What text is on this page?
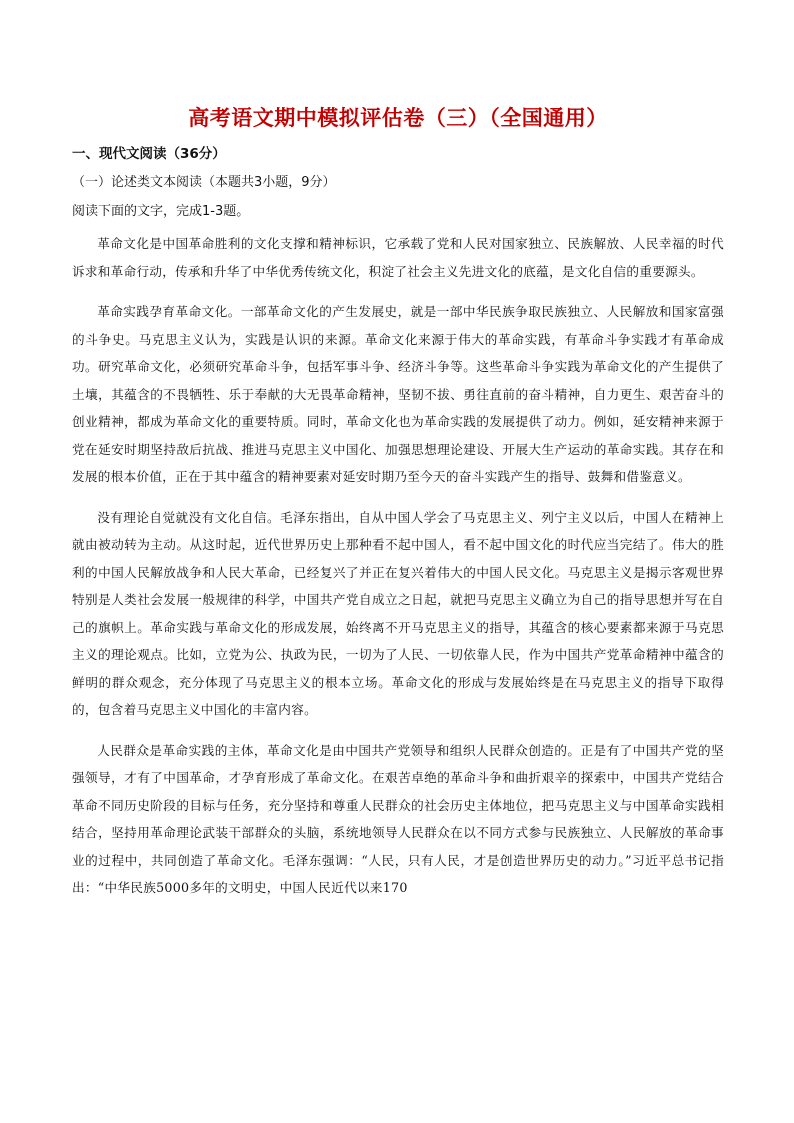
高考语文期中模拟评估卷（三）（全国通用）
一、现代文阅读（36分）
（一）论述类文本阅读（本题共3小题，9分）
阅读下面的文字，完成1-3题。

革命文化是中国革命胜利的文化支撑和精神标识，它承载了党和人民对国家独立、民族解放、人民幸福的时代诉求和革命行动，传承和升华了中华优秀传统文化，积淀了社会主义先进文化的底蕴，是文化自信的重要源头。

革命实践孕育革命文化。一部革命文化的产生发展史，就是一部中华民族争取民族独立、人民解放和国家富强的斗争史。马克思主义认为，实践是认识的来源。革命文化来源于伟大的革命实践，有革命斗争实践才有革命成功。研究革命文化，必须研究革命斗争，包括军事斗争、经济斗争等。这些革命斗争实践为革命文化的产生提供了土壤，其蕴含的不畏牺牲、乐于奉献的大无畏革命精神，坚韧不拔、勇往直前的奋斗精神，自力更生、艰苦奋斗的创业精神，都成为革命文化的重要特质。同时，革命文化也为革命实践的发展提供了动力。例如，延安精神来源于党在延安时期坚持敌后抗战、推进马克思主义中国化、加强思想理论建设、开展大生产运动的革命实践。其存在和发展的根本价值，正在于其中蕴含的精神要素对延安时期乃至今天的奋斗实践产生的指导、鼓舞和借鉴意义。

没有理论自觉就没有文化自信。毛泽东指出，自从中国人学会了马克思主义、列宁主义以后，中国人在精神上就由被动转为主动。从这时起，近代世界历史上那种看不起中国人，看不起中国文化的时代应当完结了。伟大的胜利的中国人民解放战争和人民大革命，已经复兴了并正在复兴着伟大的中国人民文化。马克思主义是揭示客观世界特别是人类社会发展一般规律的科学，中国共产党自成立之日起，就把马克思主义确立为自己的指导思想并写在自己的旗帜上。革命实践与革命文化的形成发展，始终离不开马克思主义的指导，其蕴含的核心要素都来源于马克思主义的理论观点。比如，立党为公、执政为民，一切为了人民、一切依靠人民，作为中国共产党革命精神中蕴含的鲜明的群众观念，充分体现了马克思主义的根本立场。革命文化的形成与发展始终是在马克思主义的指导下取得的，包含着马克思主义中国化的丰富内容。

人民群众是革命实践的主体，革命文化是由中国共产党领导和组织人民群众创造的。正是有了中国共产党的坚强领导，才有了中国革命，才孕育形成了革命文化。在艰苦卓绝的革命斗争和曲折艰辛的探索中，中国共产党结合革命不同历史阶段的目标与任务，充分坚持和尊重人民群众的社会历史主体地位，把马克思主义与中国革命实践相结合，坚持用革命理论武装干部群众的头脑，系统地领导人民群众在以不同方式参与民族独立、人民解放的革命事业的过程中，共同创造了革命文化。毛泽东强调：“人民，只有人民，才是创造世界历史的动力。”习近平总书记指出：“中华民族5000多年的文明史，中国人民近代以来170
